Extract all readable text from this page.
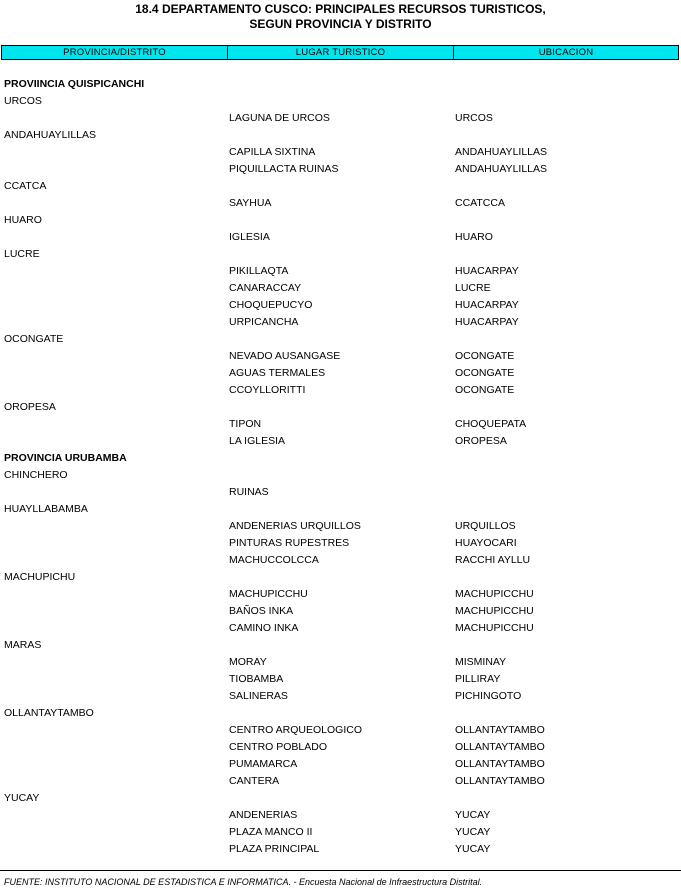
18.4 DEPARTAMENTO CUSCO: PRINCIPALES RECURSOS TURISTICOS,
SEGUN PROVINCIA Y DISTRITO
PROVINCIA/DISTRITO	LUGAR TURISTICO	UBICACION
PROVIINCIA QUISPICANCHI
URCOS
LAGUNA DE URCOS	URCOS
ANDAHUAYLILLAS
CAPILLA SIXTINA	ANDAHUAYLILLAS
PIQUILLACTA RUINAS	ANDAHUAYLILLAS
CCATCA
SAYHUA	CCATCCA
HUARO
IGLESIA	HUARO
LUCRE
PIKILLAQTA	HUACARPAY
CANARACCAY	LUCRE
CHOQUEPUCYO	HUACARPAY
URPICANCHA	HUACARPAY
OCONGATE
NEVADO AUSANGASE	OCONGATE
AGUAS TERMALES	OCONGATE
CCOYLLORITTI	OCONGATE
OROPESA
TIPON	CHOQUEPATA
LA IGLESIA	OROPESA
PROVINCIA URUBAMBA
CHINCHERO
RUINAS
HUAYLLABAMBA
ANDENERIAS URQUILLOS	URQUILLOS
PINTURAS RUPESTRES	HUAYOCARI
MACHUCCOLCCA	RACCHI AYLLU
MACHUPICHU
MACHUPICCHU	MACHUPICCHU
BAÑOS INKA	MACHUPICCHU
CAMINO INKA	MACHUPICCHU
MARAS
MORAY	MISMINAY
TIOBAMBA	PILLIRAY
SALINERAS	PICHINGOTO
OLLANTAYTAMBO
CENTRO ARQUEOLOGICO	OLLANTAYTAMBO
CENTRO POBLADO	OLLANTAYTAMBO
PUMAMARCA	OLLANTAYTAMBO
CANTERA	OLLANTAYTAMBO
YUCAY
ANDENERIAS	YUCAY
PLAZA MANCO II	YUCAY
PLAZA PRINCIPAL	YUCAY
FUENTE: INSTITUTO NACIONAL DE ESTADISTICA E INFORMATICA. - Encuesta Nacional de Infraestructura Distrital.
